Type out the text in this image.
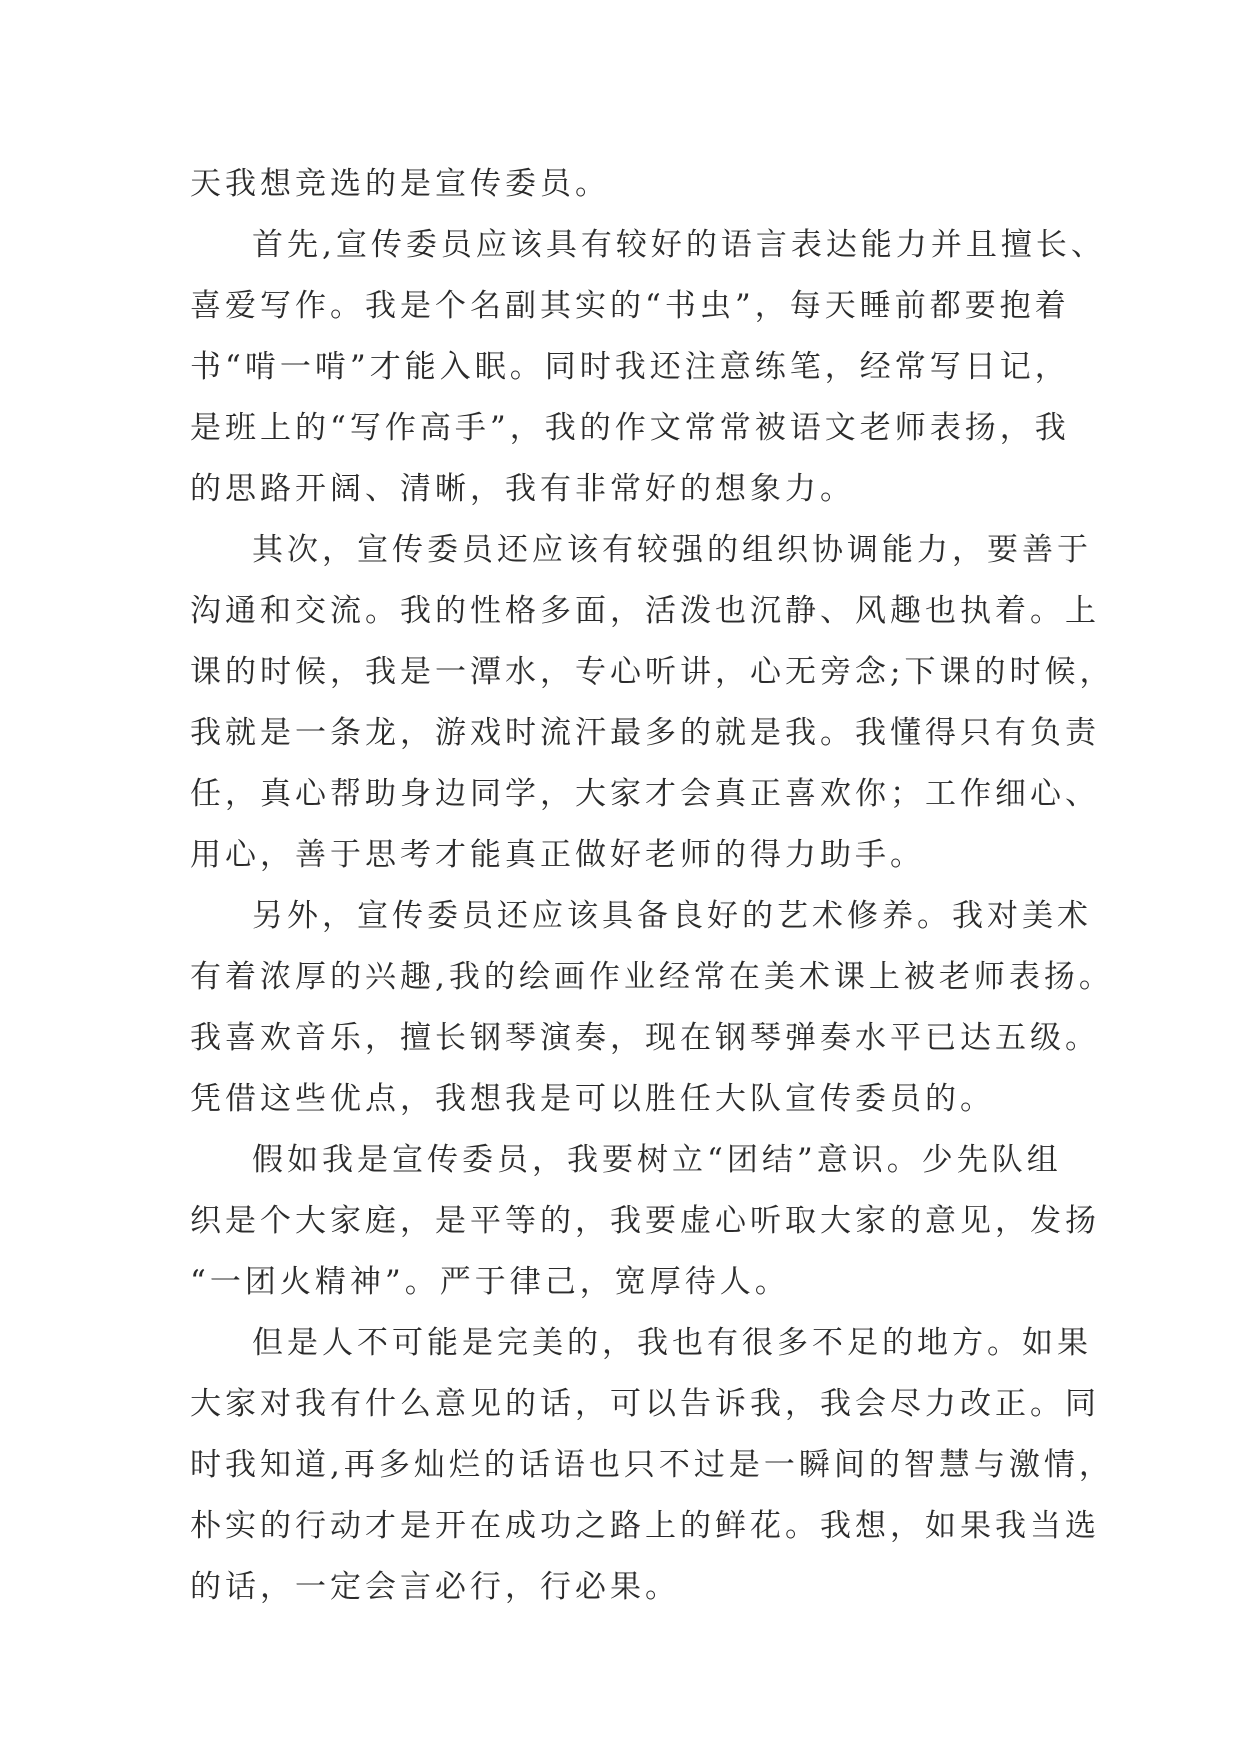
天我想竞选的是宣传委员。
首先,宣传委员应该具有较好的语言表达能力并且擅长、
喜爱写作。我是个名副其实的“书虫”，每天睡前都要抱着
书“啃一啃”才能入眠。同时我还注意练笔，经常写日记，
是班上的“写作高手”，我的作文常常被语文老师表扬，我
的思路开阔、清晰，我有非常好的想象力。
其次，宣传委员还应该有较强的组织协调能力，要善于
沟通和交流。我的性格多面，活泼也沉静、风趣也执着。上
课的时候，我是一潭水，专心听讲，心无旁念;下课的时候，
我就是一条龙，游戏时流汗最多的就是我。我懂得只有负责
任，真心帮助身边同学，大家才会真正喜欢你；工作细心、
用心，善于思考才能真正做好老师的得力助手。
另外，宣传委员还应该具备良好的艺术修养。我对美术
有着浓厚的兴趣,我的绘画作业经常在美术课上被老师表扬。
我喜欢音乐，擅长钢琴演奏，现在钢琴弹奏水平已达五级。
凭借这些优点，我想我是可以胜任大队宣传委员的。
假如我是宣传委员，我要树立“团结”意识。少先队组
织是个大家庭，是平等的，我要虚心听取大家的意见，发扬
“一团火精神”。严于律己，宽厚待人。
但是人不可能是完美的，我也有很多不足的地方。如果
大家对我有什么意见的话，可以告诉我，我会尽力改正。同
时我知道,再多灿烂的话语也只不过是一瞬间的智慧与激情，
朴实的行动才是开在成功之路上的鲜花。我想，如果我当选
的话，一定会言必行，行必果。
